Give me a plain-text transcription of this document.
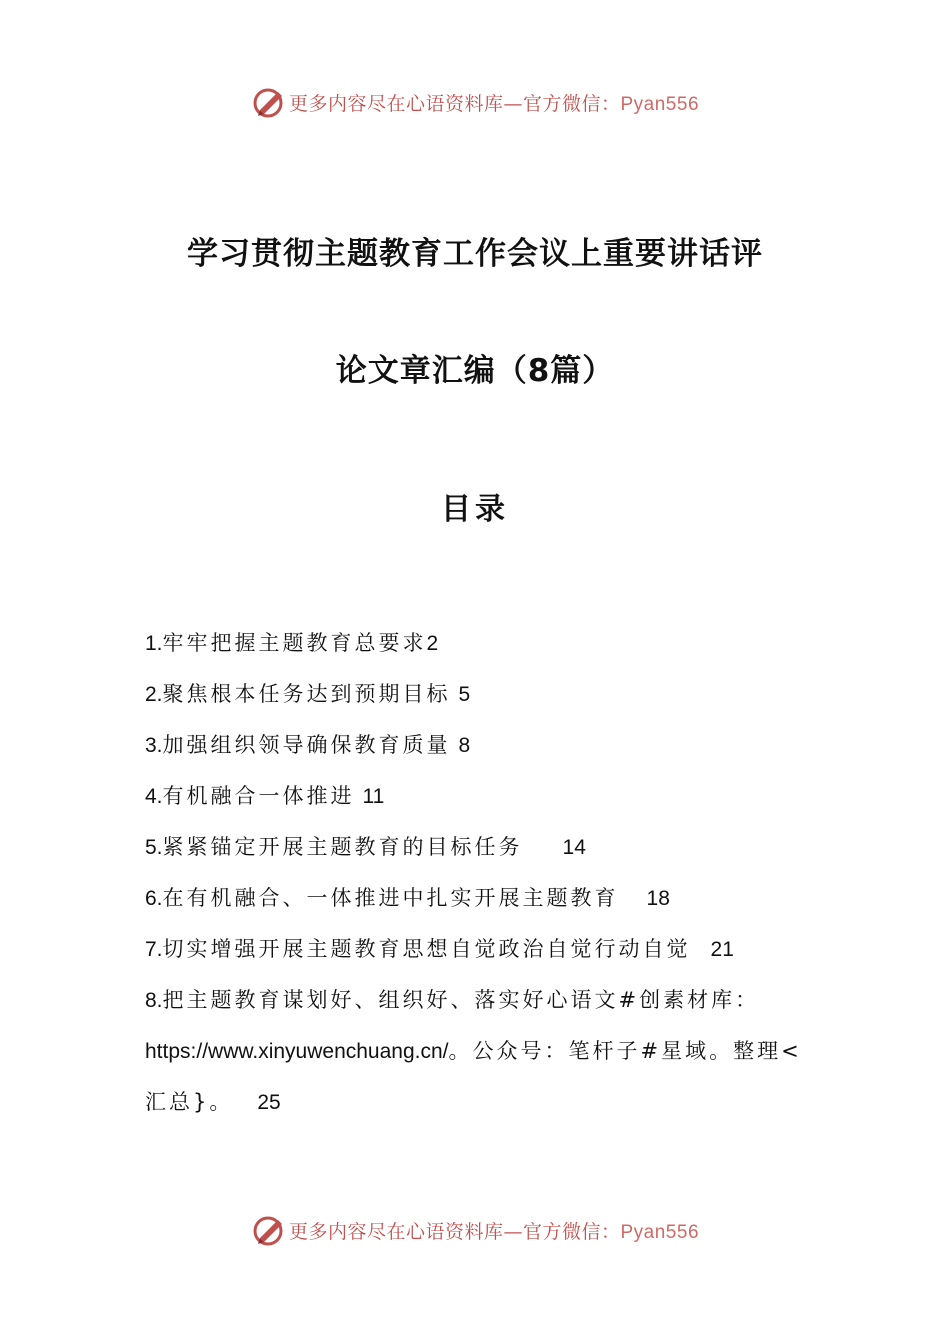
更多内容尽在心语资料库—官方微信：Pyan556
学习贯彻主题教育工作会议上重要讲话评
论文章汇编（8篇）
目录
1.牢牢把握主题教育总要求2
2.聚焦根本任务达到预期目标 5
3.加强组织领导确保教育质量 8
4.有机融合一体推进 11
5.紧紧锚定开展主题教育的目标任务 14
6.在有机融合、一体推进中扎实开展主题教育 18
7.切实增强开展主题教育思想自觉政治自觉行动自觉 21
8.把主题教育谋划好、组织好、落实好心语文#创素材库：
https://www.xinyuwenchuang.cn/。公众号：笔杆子#星域。整理<汇总}。 25
更多内容尽在心语资料库—官方微信：Pyan556
